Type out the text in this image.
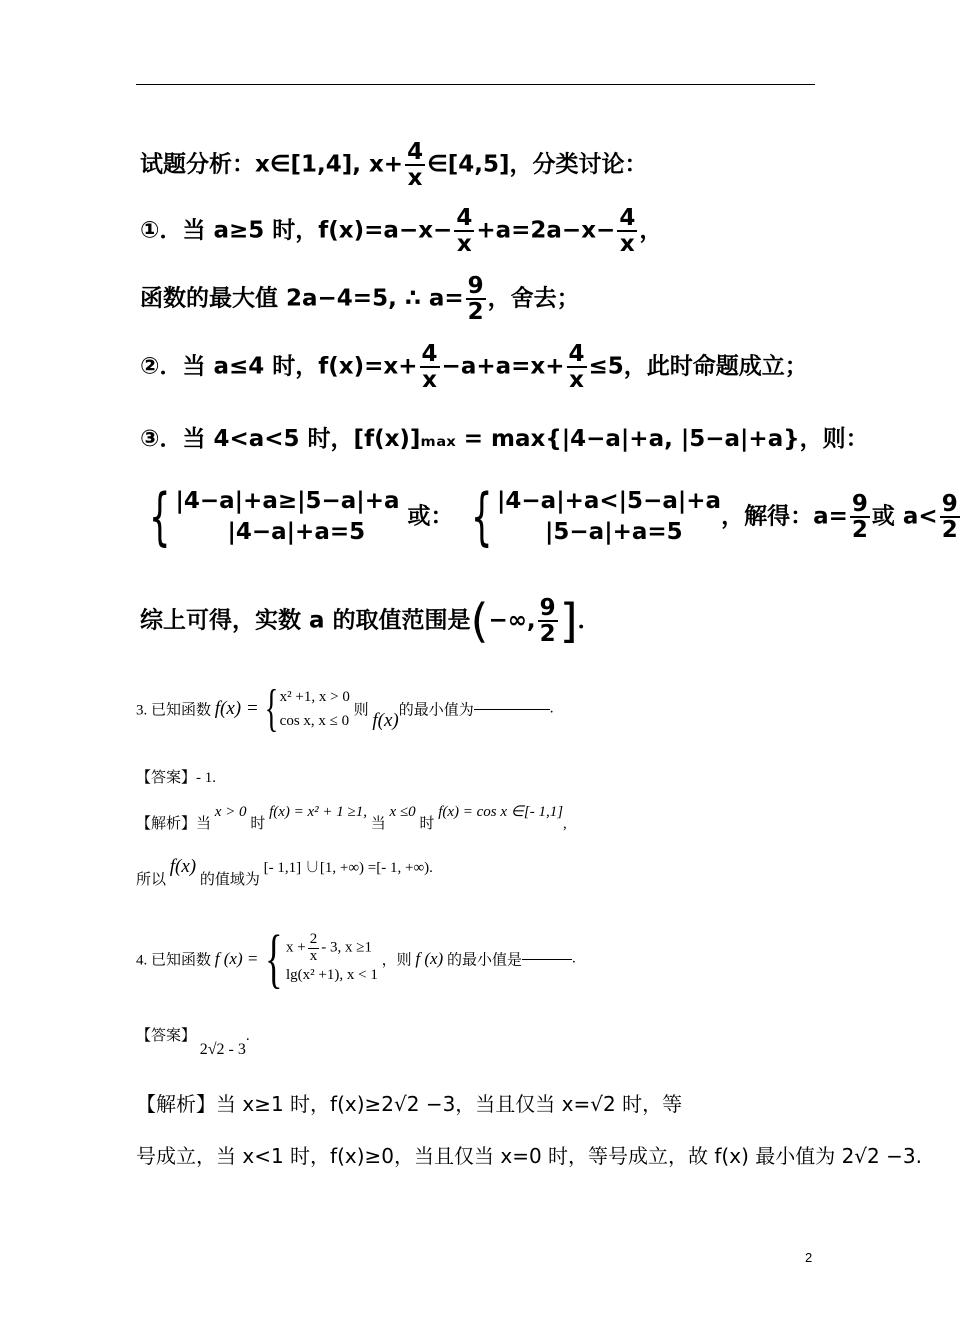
试题分析：x∈[1,4], $x+ \frac{4}{x}$ ∈[4,5]，分类讨论：
①．当 a≥5 时，$f(x)=a-x- \frac{4}{x} +a=2a-x- \frac{4}{x}$ ，
函数的最大值 2a−4=5, ∴ $a= \frac{9}{2}$ ，舍去；
②．当 a≤4 时，$f(x)=x+ \frac{4}{x} -a+a=x+ \frac{4}{x} \le 5$，此时命题成立；
③．当 4<a<5 时，[f(x)]ₘₐₓ = max{|4−a|+a, |5−a|+a}，则：
{ |4−a|+a≥|5−a|+a
|4−a|+a=5
或： { |4−a|+a<|5−a|+a
|5−a|+a=5
，解得：$a= \frac{9}{2}$ 或 $a< \frac{9}{2}$
综上可得，实数 a 的取值范围是(−∞, $\frac{9}{2}$ ]．
3. 已知函数 f(x) = { x² +1, x > 0
cos x, x ≤ 0
则 f(x)的最小值为	.
【答案】- 1.
【解析】当 x > 0 时 f(x) = x² + 1 ≥1, 当 x ≤0 时 f(x) = cos x ∈[- 1,1],
所以 f(x) 的值域为 [- 1,1] ∪[1, +∞) =[- 1, +∞).
4. 已知函数 f (x) = { $x + \frac{2}{x} - 3$, x ≥1
lg(x² +1), x < 1
，则 f (x) 的最小值是	.
【答案】 2√2 - 3.
【解析】当 x≥1 时，f(x)≥2√2 −3，当且仅当 x=√2 时，等
号成立，当 x<1 时，f(x)≥0，当且仅当 x=0 时，等号成立，故 f(x) 最小值为 2√2 −3.
2
